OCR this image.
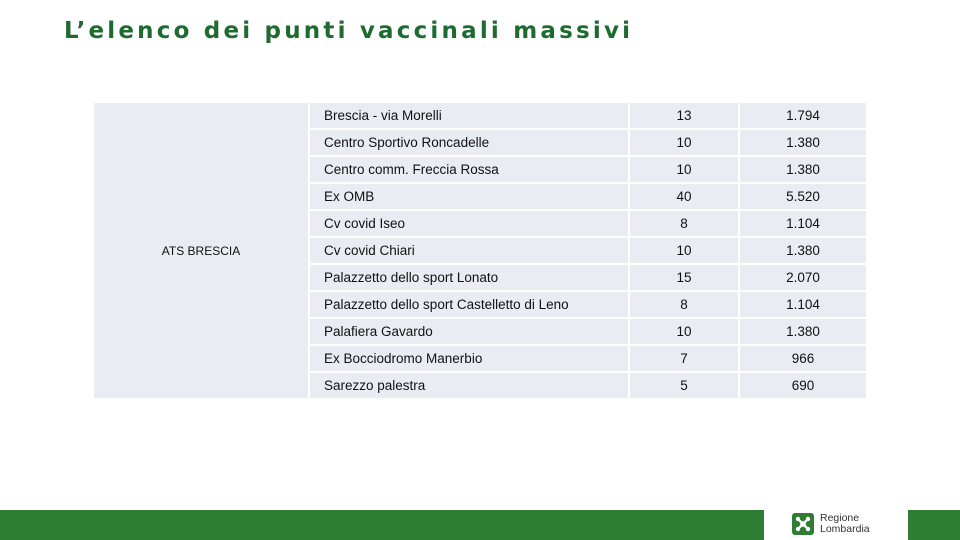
L’elenco dei punti vaccinali massivi
ATS BRESCIA	Brescia - via Morelli	13	1.794
	Centro Sportivo Roncadelle	10	1.380
	Centro comm. Freccia Rossa	10	1.380
	Ex OMB	40	5.520
	Cv covid Iseo	8	1.104
	Cv covid Chiari	10	1.380
	Palazzetto dello sport Lonato	15	2.070
	Palazzetto dello sport Castelletto di Leno	8	1.104
	Palafiera Gavardo	10	1.380
	Ex Bocciodromo Manerbio	7	966
	Sarezzo palestra	5	690
Regione
Lombardia
